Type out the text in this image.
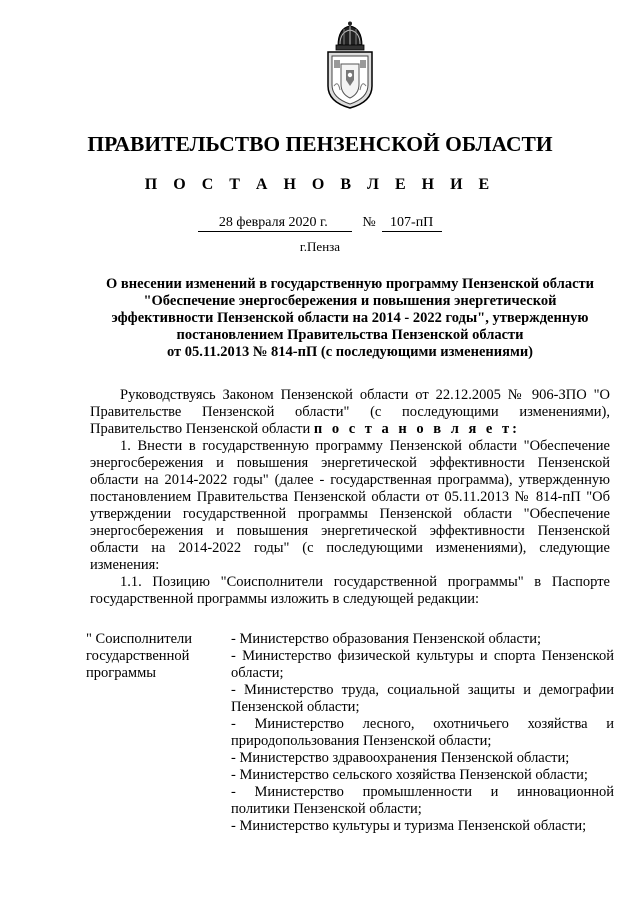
ПРАВИТЕЛЬСТВО ПЕНЗЕНСКОЙ ОБЛАСТИ
П О С Т А Н О В Л Е Н И Е
28 февраля 2020 г. № 107-пП
г.Пенза
О внесении изменений в государственную программу Пензенской области
"Обеспечение энергосбережения и повышения энергетической
эффективности Пензенской области на 2014 - 2022 годы", утвержденную
постановлением Правительства Пензенской области
от 05.11.2013 № 814-пП (с последующими изменениями)

Руководствуясь Законом Пензенской области от 22.12.2005 № 906-ЗПО "О Правительстве Пензенской области" (с последующими изменениями), Правительство Пензенской области п о с т а н о в л я е т:

1. Внести в государственную программу Пензенской области "Обеспечение энергосбережения и повышения энергетической эффективности Пензенской области на 2014-2022 годы" (далее - государственная программа), утвержденную постановлением Правительства Пензенской области от 05.11.2013 № 814-пП "Об утверждении государственной программы Пензенской области "Обеспечение энергосбережения и повышения энергетической эффективности Пензенской области на 2014-2022 годы" (с последующими изменениями), следующие изменения:

1.1. Позицию "Соисполнители государственной программы" в Паспорте государственной программы изложить в следующей редакции:

" Соисполнители
государственной
программы
- Министерство образования Пензенской области;
- Министерство физической культуры и спорта Пензенской области;
- Министерство труда, социальной защиты и демографии Пензенской области;
- Министерство лесного, охотничьего хозяйства и природопользования Пензенской области;
- Министерство здравоохранения Пензенской области;
- Министерство сельского хозяйства Пензенской области;
- Министерство промышленности и инновационной политики Пензенской области;
- Министерство культуры и туризма Пензенской области;
